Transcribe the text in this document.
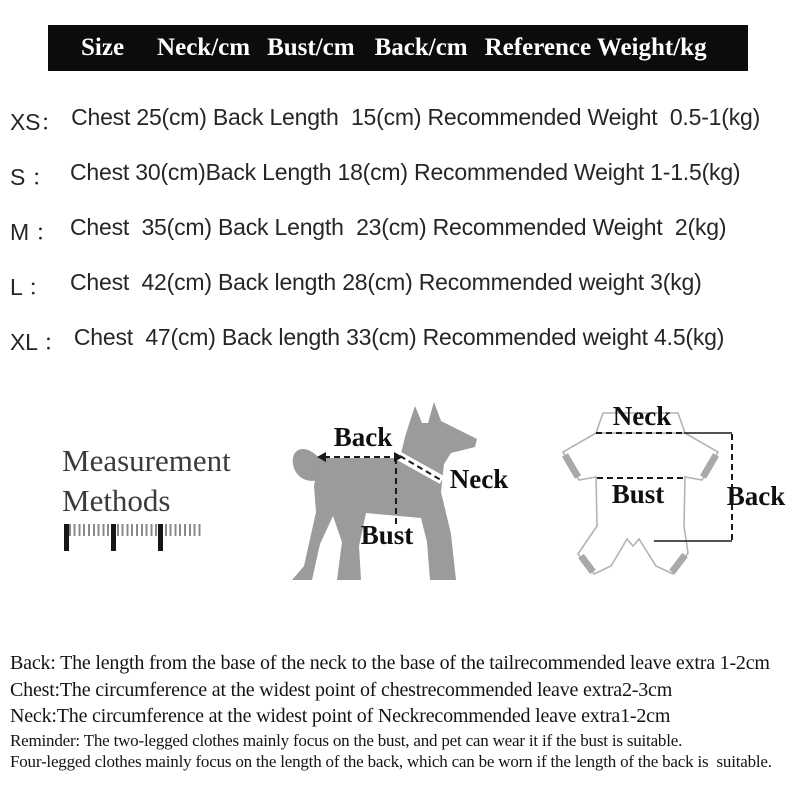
Size Neck/cm Bust/cm Back/cm Reference Weight/kg
XS： Chest 25(cm) Back Length  15(cm) Recommended Weight  0.5-1(kg)
S ： Chest 30(cm)Back Length 18(cm) Recommended Weight 1-1.5(kg)
M ： Chest  35(cm) Back Length  23(cm) Recommended Weight  2(kg)
L ： Chest  42(cm) Back length 28(cm) Recommended weight 3(kg)
XL ： Chest  47(cm) Back length 33(cm) Recommended weight 4.5(kg)
Measurement Methods
Back
Neck
Bust
Neck
Bust Back

Back: The length from the base of the neck to the base of the tailrecommended leave extra 1-2cm

Chest:The circumference at the widest point of chestrecommended leave extra2-3cm

Neck:The circumference at the widest point of Neckrecommended leave extra1-2cm

Reminder: The two-legged clothes mainly focus on the bust, and pet can wear it if the bust is suitable.

Four-legged clothes mainly focus on the length of the back, which can be worn if the length of the back is  suitable.
